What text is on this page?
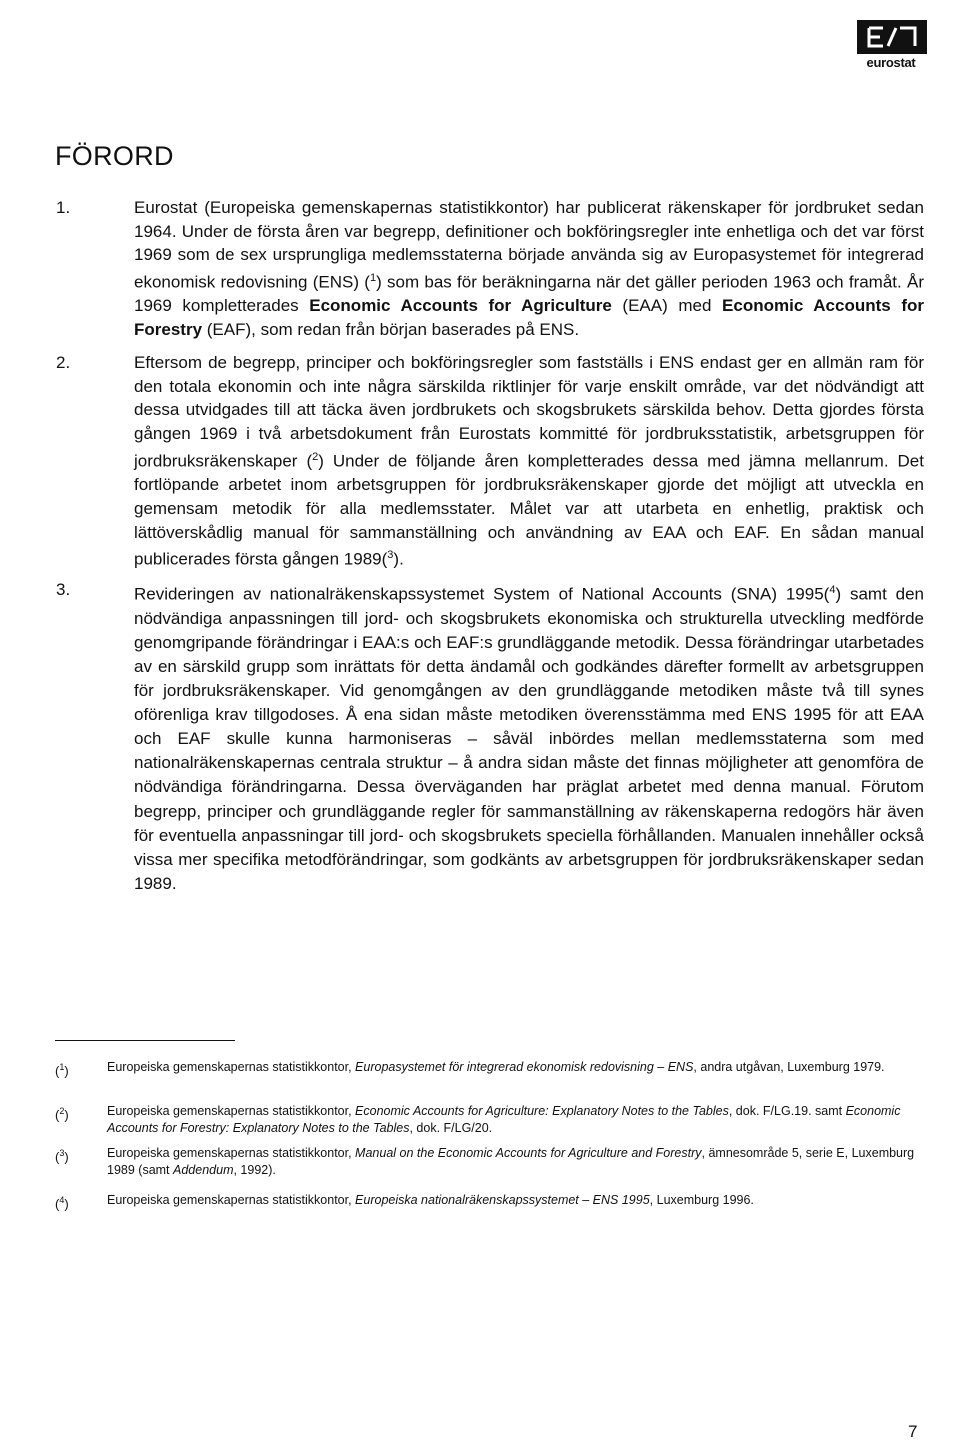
eurostat
FÖRORD
1.	Eurostat (Europeiska gemenskapernas statistikkontor) har publicerat räkenskaper för jordbruket sedan 1964. Under de första åren var begrepp, definitioner och bokföringsregler inte enhetliga och det var först 1969 som de sex ursprungliga medlemsstaterna började använda sig av Europasystemet för integrerad ekonomisk redovisning (ENS) ($^1$) som bas för beräkningarna när det gäller perioden 1963 och framåt. År 1969 kompletterades Economic Accounts for Agriculture (EAA) med Economic Accounts for Forestry (EAF), som redan från början baserades på ENS.
2.	Eftersom de begrepp, principer och bokföringsregler som fastställs i ENS endast ger en allmän ram för den totala ekonomin och inte några särskilda riktlinjer för varje enskilt område, var det nödvändigt att dessa utvidgades till att täcka även jordbrukets och skogsbrukets särskilda behov. Detta gjordes första gången 1969 i två arbetsdokument från Eurostats kommitté för jordbruksstatistik, arbetsgruppen för jordbruksräkenskaper ($^2$) Under de följande åren kompletterades dessa med jämna mellanrum. Det fortlöpande arbetet inom arbetsgruppen för jordbruksräkenskaper gjorde det möjligt att utveckla en gemensam metodik för alla medlemsstater. Målet var att utarbeta en enhetlig, praktisk och lättöverskådlig manual för sammanställning och användning av EAA och EAF. En sådan manual publicerades första gången 1989($^3$).
3.	Revideringen av nationalräkenskapssystemet System of National Accounts (SNA) 1995($^4$) samt den nödvändiga anpassningen till jord- och skogsbrukets ekonomiska och strukturella utveckling medförde genomgripande förändringar i EAA:s och EAF:s grundläggande metodik. Dessa förändringar utarbetades av en särskild grupp som inrättats för detta ändamål och godkändes därefter formellt av arbetsgruppen för jordbruksräkenskaper. Vid genomgången av den grundläggande metodiken måste två till synes oförenliga krav tillgodoses. Å ena sidan måste metodiken överensstämma med ENS 1995 för att EAA och EAF skulle kunna harmoniseras – såväl inbördes mellan medlemsstaterna som med nationalräkenskapernas centrala struktur – å andra sidan måste det finnas möjligheter att genomföra de nödvändiga förändringarna. Dessa överväganden har präglat arbetet med denna manual. Förutom begrepp, principer och grundläggande regler för sammanställning av räkenskaperna redogörs här även för eventuella anpassningar till jord- och skogsbrukets speciella förhållanden. Manualen innehåller också vissa mer specifika metodförändringar, som godkänts av arbetsgruppen för jordbruksräkenskaper sedan 1989.
($^1$)	Europeiska gemenskapernas statistikkontor, Europasystemet för integrerad ekonomisk redovisning – ENS, andra utgåvan, Luxemburg 1979.
($^2$)	Europeiska gemenskapernas statistikkontor, Economic Accounts for Agriculture: Explanatory Notes to the Tables, dok. F/LG.19. samt Economic Accounts for Forestry: Explanatory Notes to the Tables, dok. F/LG/20.
($^3$)	Europeiska gemenskapernas statistikkontor, Manual on the Economic Accounts for Agriculture and Forestry, ämnesområde 5, serie E, Luxemburg 1989 (samt Addendum, 1992).
($^4$)	Europeiska gemenskapernas statistikkontor, Europeiska nationalräkenskapssystemet – ENS 1995, Luxemburg 1996.
7
